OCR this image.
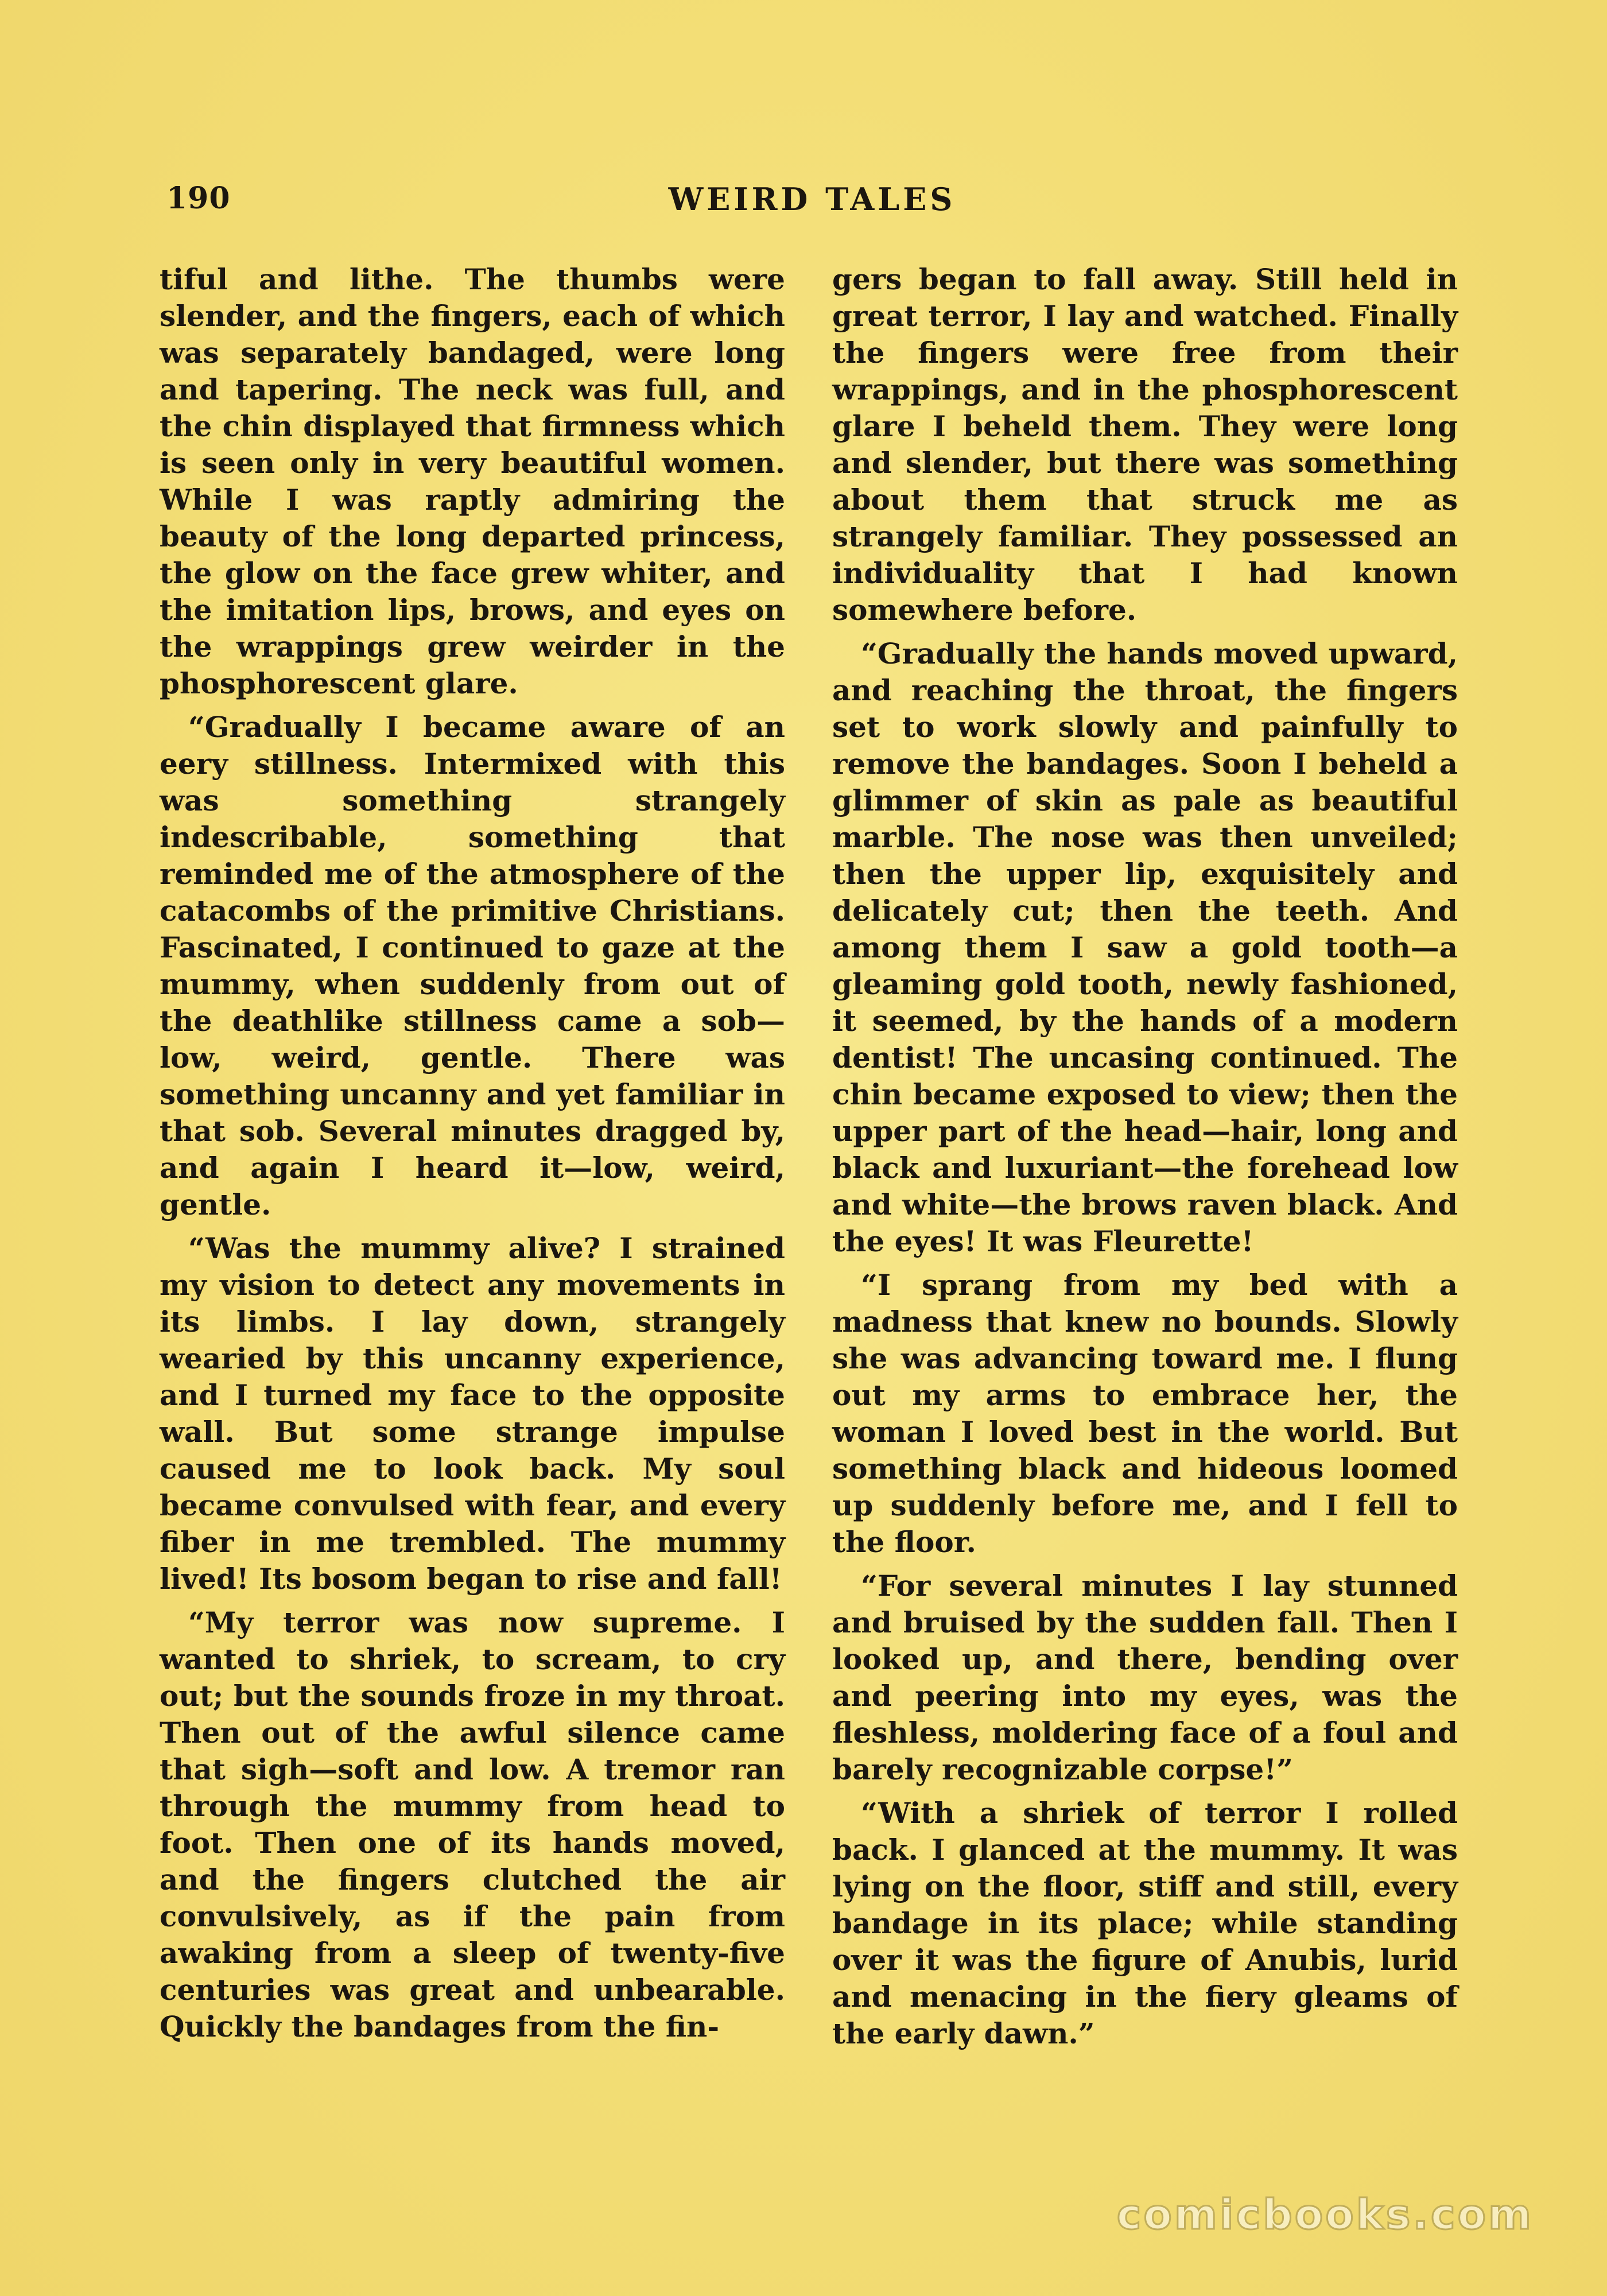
190	WEIRD TALES

tiful and lithe. The thumbs were slender, and the fingers, each of which was separately bandaged, were long and tapering. The neck was full, and the chin displayed that firmness which is seen only in very beautiful women. While I was raptly admiring the beauty of the long departed princess, the glow on the face grew whiter, and the imitation lips, brows, and eyes on the wrappings grew weirder in the phosphorescent glare.

“Gradually I became aware of an eery stillness. Intermixed with this was something strangely indescribable, something that reminded me of the atmosphere of the catacombs of the primitive Christians. Fascinated, I continued to gaze at the mummy, when suddenly from out of the deathlike stillness came a sob—low, weird, gentle. There was something uncanny and yet familiar in that sob. Several minutes dragged by, and again I heard it—low, weird, gentle.

“Was the mummy alive? I strained my vision to detect any movements in its limbs. I lay down, strangely wearied by this uncanny experience, and I turned my face to the opposite wall. But some strange impulse caused me to look back. My soul became convulsed with fear, and every fiber in me trembled. The mummy lived! Its bosom began to rise and fall!

“My terror was now supreme. I wanted to shriek, to scream, to cry out; but the sounds froze in my throat. Then out of the awful silence came that sigh—soft and low. A tremor ran through the mummy from head to foot. Then one of its hands moved, and the fingers clutched the air convulsively, as if the pain from awaking from a sleep of twenty-five centuries was great and unbearable. Quickly the bandages from the fin-

gers began to fall away. Still held in great terror, I lay and watched. Finally the fingers were free from their wrappings, and in the phosphorescent glare I beheld them. They were long and slender, but there was something about them that struck me as strangely familiar. They possessed an individuality that I had known somewhere before.

“Gradually the hands moved upward, and reaching the throat, the fingers set to work slowly and painfully to remove the bandages. Soon I beheld a glimmer of skin as pale as beautiful marble. The nose was then unveiled; then the upper lip, exquisitely and delicately cut; then the teeth. And among them I saw a gold tooth—a gleaming gold tooth, newly fashioned, it seemed, by the hands of a modern dentist! The uncasing continued. The chin became exposed to view; then the upper part of the head—hair, long and black and luxuriant—the forehead low and white—the brows raven black. And the eyes! It was Fleurette!

“I sprang from my bed with a madness that knew no bounds. Slowly she was advancing toward me. I flung out my arms to embrace her, the woman I loved best in the world. But something black and hideous loomed up suddenly before me, and I fell to the floor.

“For several minutes I lay stunned and bruised by the sudden fall. Then I looked up, and there, bending over and peering into my eyes, was the fleshless, moldering face of a foul and barely recognizable corpse!”

“With a shriek of terror I rolled back. I glanced at the mummy. It was lying on the floor, stiff and still, every bandage in its place; while standing over it was the figure of Anubis, lurid and menacing in the fiery gleams of the early dawn.”

comicbooks.com
